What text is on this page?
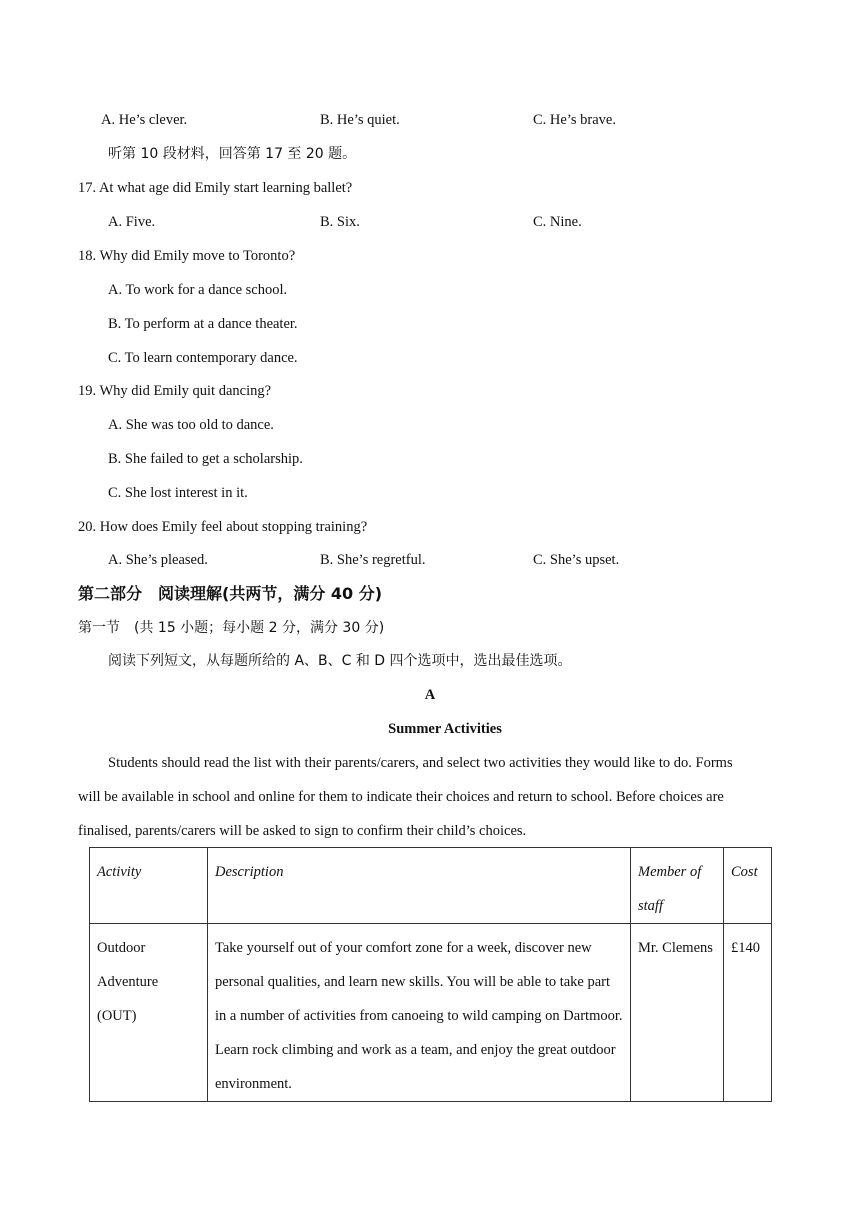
A. He’s clever.	B. He’s quiet.	C. He’s brave.
听第 10 段材料，回答第 17 至 20 题。
17. At what age did Emily start learning ballet?
A. Five.	B. Six.	C. Nine.
18. Why did Emily move to Toronto?
A. To work for a dance school.
B. To perform at a dance theater.
C. To learn contemporary dance.
19. Why did Emily quit dancing?
A. She was too old to dance.
B. She failed to get a scholarship.
C. She lost interest in it.
20. How does Emily feel about stopping training?
A. She’s pleased.	B. She’s regretful.	C. She’s upset.
第二部分　阅读理解(共两节，满分 40 分)
第一节　(共 15 小题；每小题 2 分，满分 30 分)
阅读下列短文，从每题所给的 A、B、C 和 D 四个选项中，选出最佳选项。
A
Summer Activities
Students should read the list with their parents/carers, and select two activities they would like to do. Forms
will be available in school and online for them to indicate their choices and return to school. Before choices are
finalised, parents/carers will be asked to sign to confirm their child’s choices.
Activity	Description	Member of staff	Cost
Outdoor Adventure (OUT)	Take yourself out of your comfort zone for a week, discover new personal qualities, and learn new skills. You will be able to take part in a number of activities from canoeing to wild camping on Dartmoor. Learn rock climbing and work as a team, and enjoy the great outdoor environment.	Mr. Clemens	£140
